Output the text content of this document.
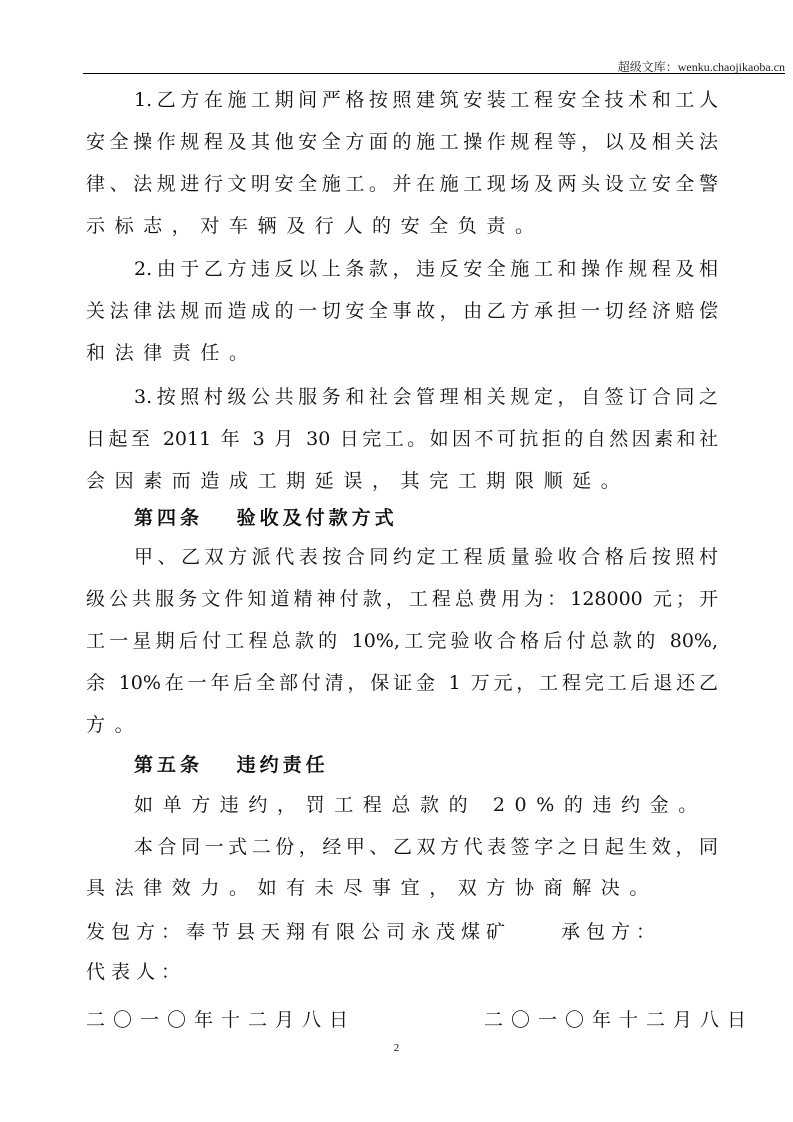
超级文库：wenku.chaojikaoba.cn
1.乙方在施工期间严格按照建筑安装工程安全技术和工人
安全操作规程及其他安全方面的施工操作规程等，以及相关法
律、法规进行文明安全施工。并在施工现场及两头设立安全警
示标志，对车辆及行人的安全负责。
2.由于乙方违反以上条款，违反安全施工和操作规程及相
关法律法规而造成的一切安全事故，由乙方承担一切经济赔偿
和法律责任。
3.按照村级公共服务和社会管理相关规定，自签订合同之
日起至 2011 年 3 月 30 日完工。如因不可抗拒的自然因素和社
会因素而造成工期延误，其完工期限顺延。
第四条　 验收及付款方式
甲、乙双方派代表按合同约定工程质量验收合格后按照村
级公共服务文件知道精神付款，工程总费用为：128000 元；开
工一星期后付工程总款的 10%,工完验收合格后付总款的 80%,
余 10%在一年后全部付清，保证金 1 万元，工程完工后退还乙
方。
第五条　 违约责任
如单方违约，罚工程总款的 20%的违约金。
本合同一式二份，经甲、乙双方代表签字之日起生效，同
具法律效力。如有未尽事宜，双方协商解决。
发包方：奉节县天翔有限公司永茂煤矿　　承包方：
代表人：
二〇一〇年十二月八日	二〇一〇年十二月八日
2
